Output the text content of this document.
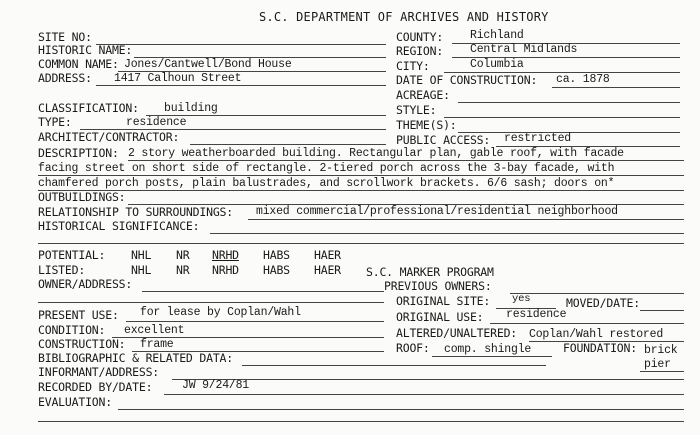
S.C. DEPARTMENT OF ARCHIVES AND HISTORY
SITE NO:
HISTORIC NAME:
COMMON NAME: Jones/Cantwell/Bond House
ADDRESS: 1417 Calhoun Street
CLASSIFICATION: building
TYPE:	residence
ARCHITECT/CONTRACTOR:
COUNTY: Richland
REGION: Central Midlands
CITY:	Columbia
DATE OF CONSTRUCTION: ca. 1878
ACREAGE:
STYLE:
THEME(S):
PUBLIC ACCESS: restricted
DESCRIPTION: 2 story weatherboarded building. Rectangular plan, gable roof, with facade
facing street on short side of rectangle. 2-tiered porch across the 3-bay facade, with
chamfered porch posts, plain balustrades, and scrollwork brackets. 6/6 sash; doors on*
OUTBUILDINGS:
RELATIONSHIP TO SURROUNDINGS: mixed commercial/professional/residential neighborhood
HISTORICAL SIGNIFICANCE:
POTENTIAL: NHL NR NRHD HABS HAER
LISTED:	NHL NR NRHD HABS HAER S.C. MARKER PROGRAM
OWNER/ADDRESS:	PREVIOUS OWNERS:
ORIGINAL SITE: yes	MOVED/DATE:
PRESENT USE: for lease by Coplan/Wahl	ORIGINAL USE: residence
CONDITION: excellent	ALTERED/UNALTERED: Coplan/Wahl restored
CONSTRUCTION: frame	ROOF: comp. shingle	FOUNDATION: brick
pier
BIBLIOGRAPHIC & RELATED DATA:
INFORMANT/ADDRESS:
RECORDED BY/DATE:	JW 9/24/81
EVALUATION:
